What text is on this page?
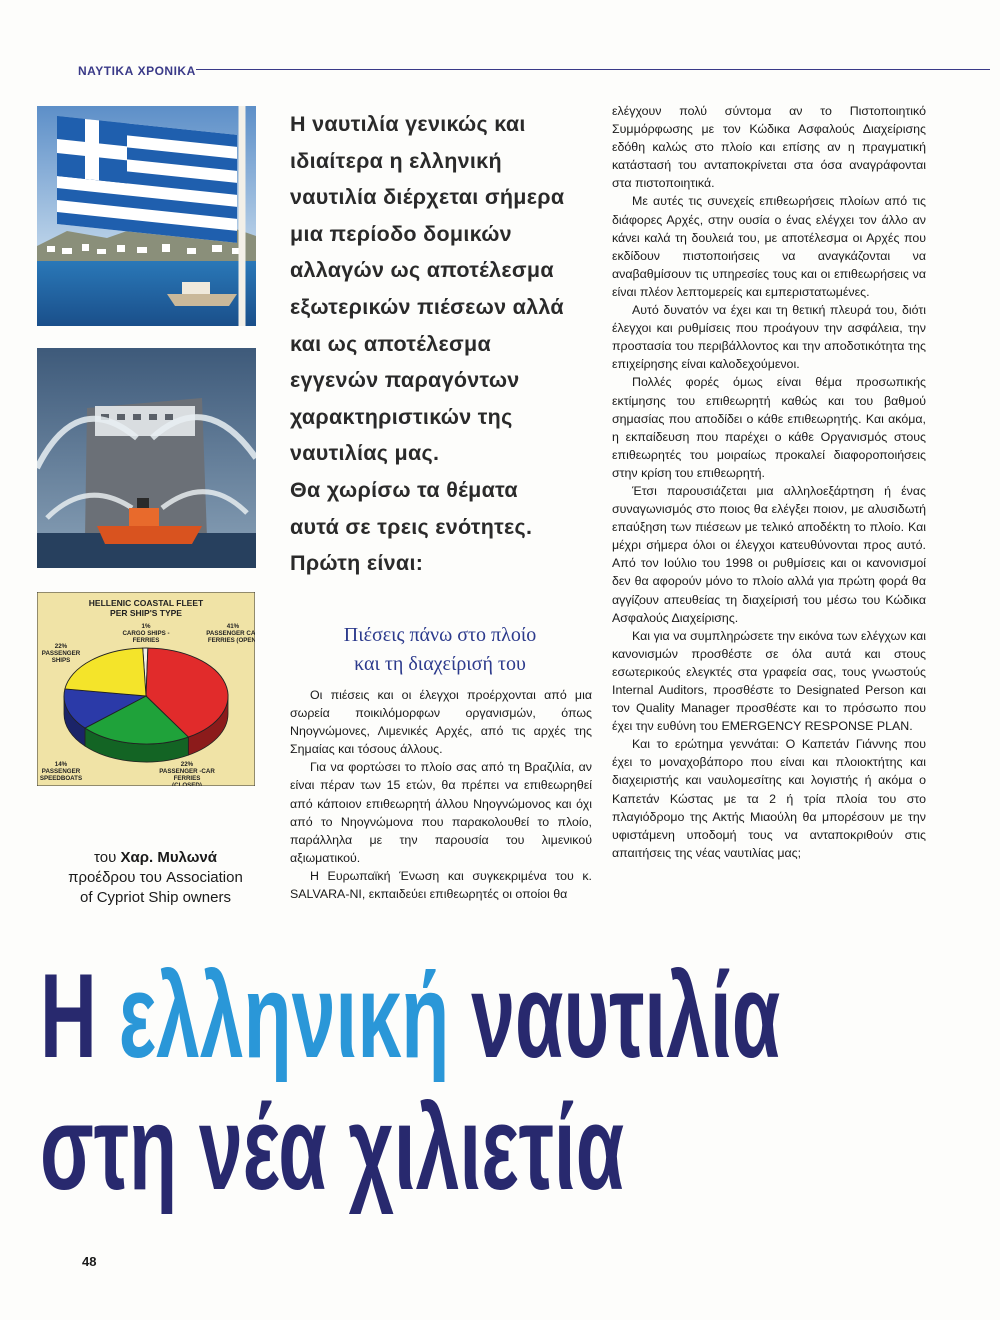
ΝΑΥΤΙΚΑ ΧΡΟΝΙΚΑ
HELLENIC COASTAL FLEET
PER SHIP'S TYPE
1%
CARGO SHIPS -
FERRIES
41%
PASSENGER CAR
FERRIES (OPEN)
22%
PASSENGER -CAR
FERRIES
(CLOSED)
14%
PASSENGER
SPEEDBOATS
22%
PASSENGER
SHIPS
του Χαρ. Μυλωνά
προέδρου του Association
of Cypriot Ship owners

Η ναυτιλία γενικώς και

ιδιαίτερα η ελληνική

ναυτιλία διέρχεται σήμερα

μια περίοδο δομικών

αλλαγών ως αποτέλεσμα

εξωτερικών πιέσεων αλλά

και ως αποτέλεσμα

εγγενών παραγόντων

χαρακτηριστικών της

ναυτιλίας μας.

Θα χωρίσω τα θέματα

αυτά σε τρεις ενότητες.

Πρώτη είναι:

Πιέσεις πάνω στο πλοίο
και τη διαχείρισή του

Οι πιέσεις και οι έλεγχοι προέρχονται από μια σωρεία ποικιλόμορφων οργανισμών, όπως Νηογνώμονες, Λιμενικές Αρχές, από τις αρχές της Σημαίας και τόσους άλλους.

Για να φορτώσει το πλοίο σας από τη Βραζιλία, αν είναι πέραν των 15 ετών, θα πρέπει να επιθεωρηθεί από κάποιον επιθεωρητή άλλου Νηογνώμονος και όχι από το Νηογνώμονα που παρακολουθεί το πλοίο, παράλληλα με την παρουσία του λιμενικού αξιωματικού.

Η Ευρωπαϊκή Ένωση και συγκεκριμένα του κ. SALVARA-NI, εκπαιδεύει επιθεωρητές οι οποίοι θα

ελέγχουν πολύ σύντομα αν το Πιστοποιητικό Συμμόρφωσης με τον Κώδικα Ασφαλούς Διαχείρισης εδόθη καλώς στο πλοίο και επίσης αν η πραγματική κατάστασή του ανταποκρίνεται στα όσα αναγράφονται στα πιστοποιητικά.

Με αυτές τις συνεχείς επιθεωρήσεις πλοίων από τις διάφορες Αρχές, στην ουσία ο ένας ελέγχει τον άλλο αν κάνει καλά τη δουλειά του, με αποτέλεσμα οι Αρχές που εκδίδουν πιστοποιήσεις να αναγκάζονται να αναβαθμίσουν τις υπηρεσίες τους και οι επιθεωρήσεις να είναι πλέον λεπτομερείς και εμπεριστατωμένες.

Αυτό δυνατόν να έχει και τη θετική πλευρά του, διότι έλεγχοι και ρυθμίσεις που προάγουν την ασφάλεια, την προστασία του περιβάλλοντος και την αποδοτικότητα της επιχείρησης είναι καλοδεχούμενοι.

Πολλές φορές όμως είναι θέμα προσωπικής εκτίμησης του επιθεωρητή καθώς και του βαθμού σημασίας που αποδίδει ο κάθε επιθεωρητής. Και ακόμα, η εκπαίδευση που παρέχει ο κάθε Οργανισμός στους επιθεωρητές του μοιραίως προκαλεί διαφοροποιήσεις στην κρίση του επιθεωρητή.

Έτσι παρουσιάζεται μια αλληλοεξάρτηση ή ένας συναγωνισμός στο ποιος θα ελέγξει ποιον, με αλυσιδωτή επαύξηση των πιέσεων με τελικό αποδέκτη το πλοίο. Και μέχρι σήμερα όλοι οι έλεγχοι κατευθύνονται προς αυτό. Από τον Ιούλιο του 1998 οι ρυθμίσεις και οι κανονισμοί δεν θα αφορούν μόνο το πλοίο αλλά για πρώτη φορά θα αγγίζουν απευθείας τη διαχείρισή του μέσω του Κώδικα Ασφαλούς Διαχείρισης.

Και για να συμπληρώσετε την εικόνα των ελέγχων και κανονισμών προσθέστε σε όλα αυτά και στους εσωτερικούς ελεγκτές στα γραφεία σας, τους γνωστούς Internal Auditors, προσθέστε το Designated Person και τον Quality Manager προσθέστε και το πρόσωπο που έχει την ευθύνη του EMERGENCY RESPONSE PLAN.

Και το ερώτημα γεννάται: Ο Καπετάν Γιάννης που έχει το μοναχοβάπορο που είναι και πλοιοκτήτης και διαχειριστής και ναυλομεσίτης και λογιστής ή ακόμα ο Καπετάν Κώστας με τα 2 ή τρία πλοία του στο πλαγιόδρομο της Ακτής Μιαούλη θα μπορέσουν με την υφιστάμενη υποδομή τους να ανταποκριθούν στις απαιτήσεις της νέας ναυτιλίας μας;

Η ελληνική ναυτιλία
στη νέα χιλιετία
48
